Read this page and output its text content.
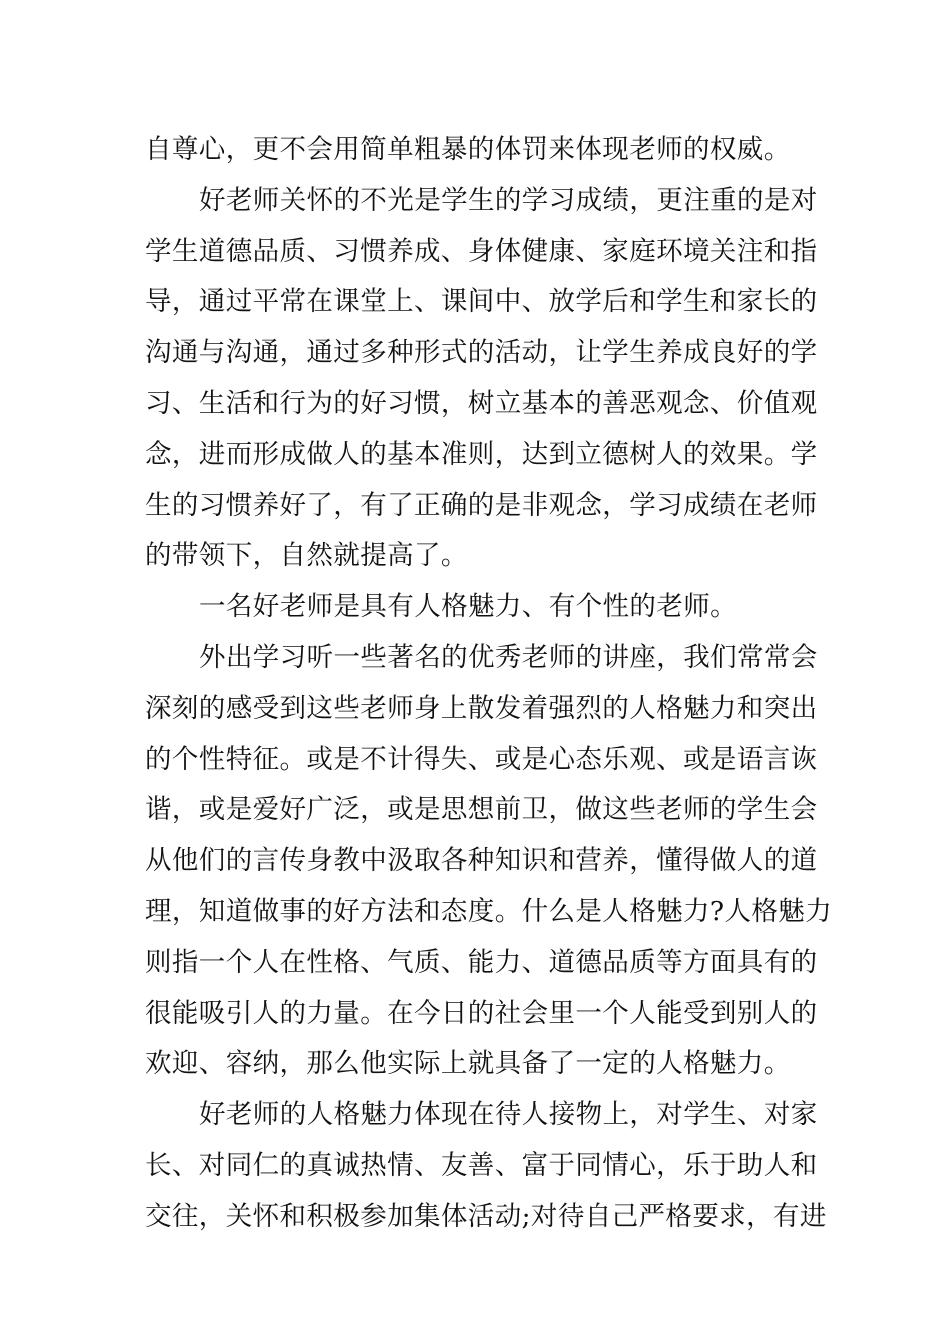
自尊心，更不会用简单粗暴的体罚来体现老师的权威。
好老师关怀的不光是学生的学习成绩，更注重的是对
学生道德品质、习惯养成、身体健康、家庭环境关注和指
导，通过平常在课堂上、课间中、放学后和学生和家长的
沟通与沟通，通过多种形式的活动，让学生养成良好的学
习、生活和行为的好习惯，树立基本的善恶观念、价值观
念，进而形成做人的基本准则，达到立德树人的效果。学
生的习惯养好了，有了正确的是非观念，学习成绩在老师
的带领下，自然就提高了。
一名好老师是具有人格魅力、有个性的老师。
外出学习听一些著名的优秀老师的讲座，我们常常会
深刻的感受到这些老师身上散发着强烈的人格魅力和突出
的个性特征。或是不计得失、或是心态乐观、或是语言诙
谐，或是爱好广泛，或是思想前卫，做这些老师的学生会
从他们的言传身教中汲取各种知识和营养，懂得做人的道
理，知道做事的好方法和态度。什么是人格魅力?人格魅力
则指一个人在性格、气质、能力、道德品质等方面具有的
很能吸引人的力量。在今日的社会里一个人能受到别人的
欢迎、容纳，那么他实际上就具备了一定的人格魅力。
好老师的人格魅力体现在待人接物上，对学生、对家
长、对同仁的真诚热情、友善、富于同情心，乐于助人和
交往，关怀和积极参加集体活动;对待自己严格要求，有进
